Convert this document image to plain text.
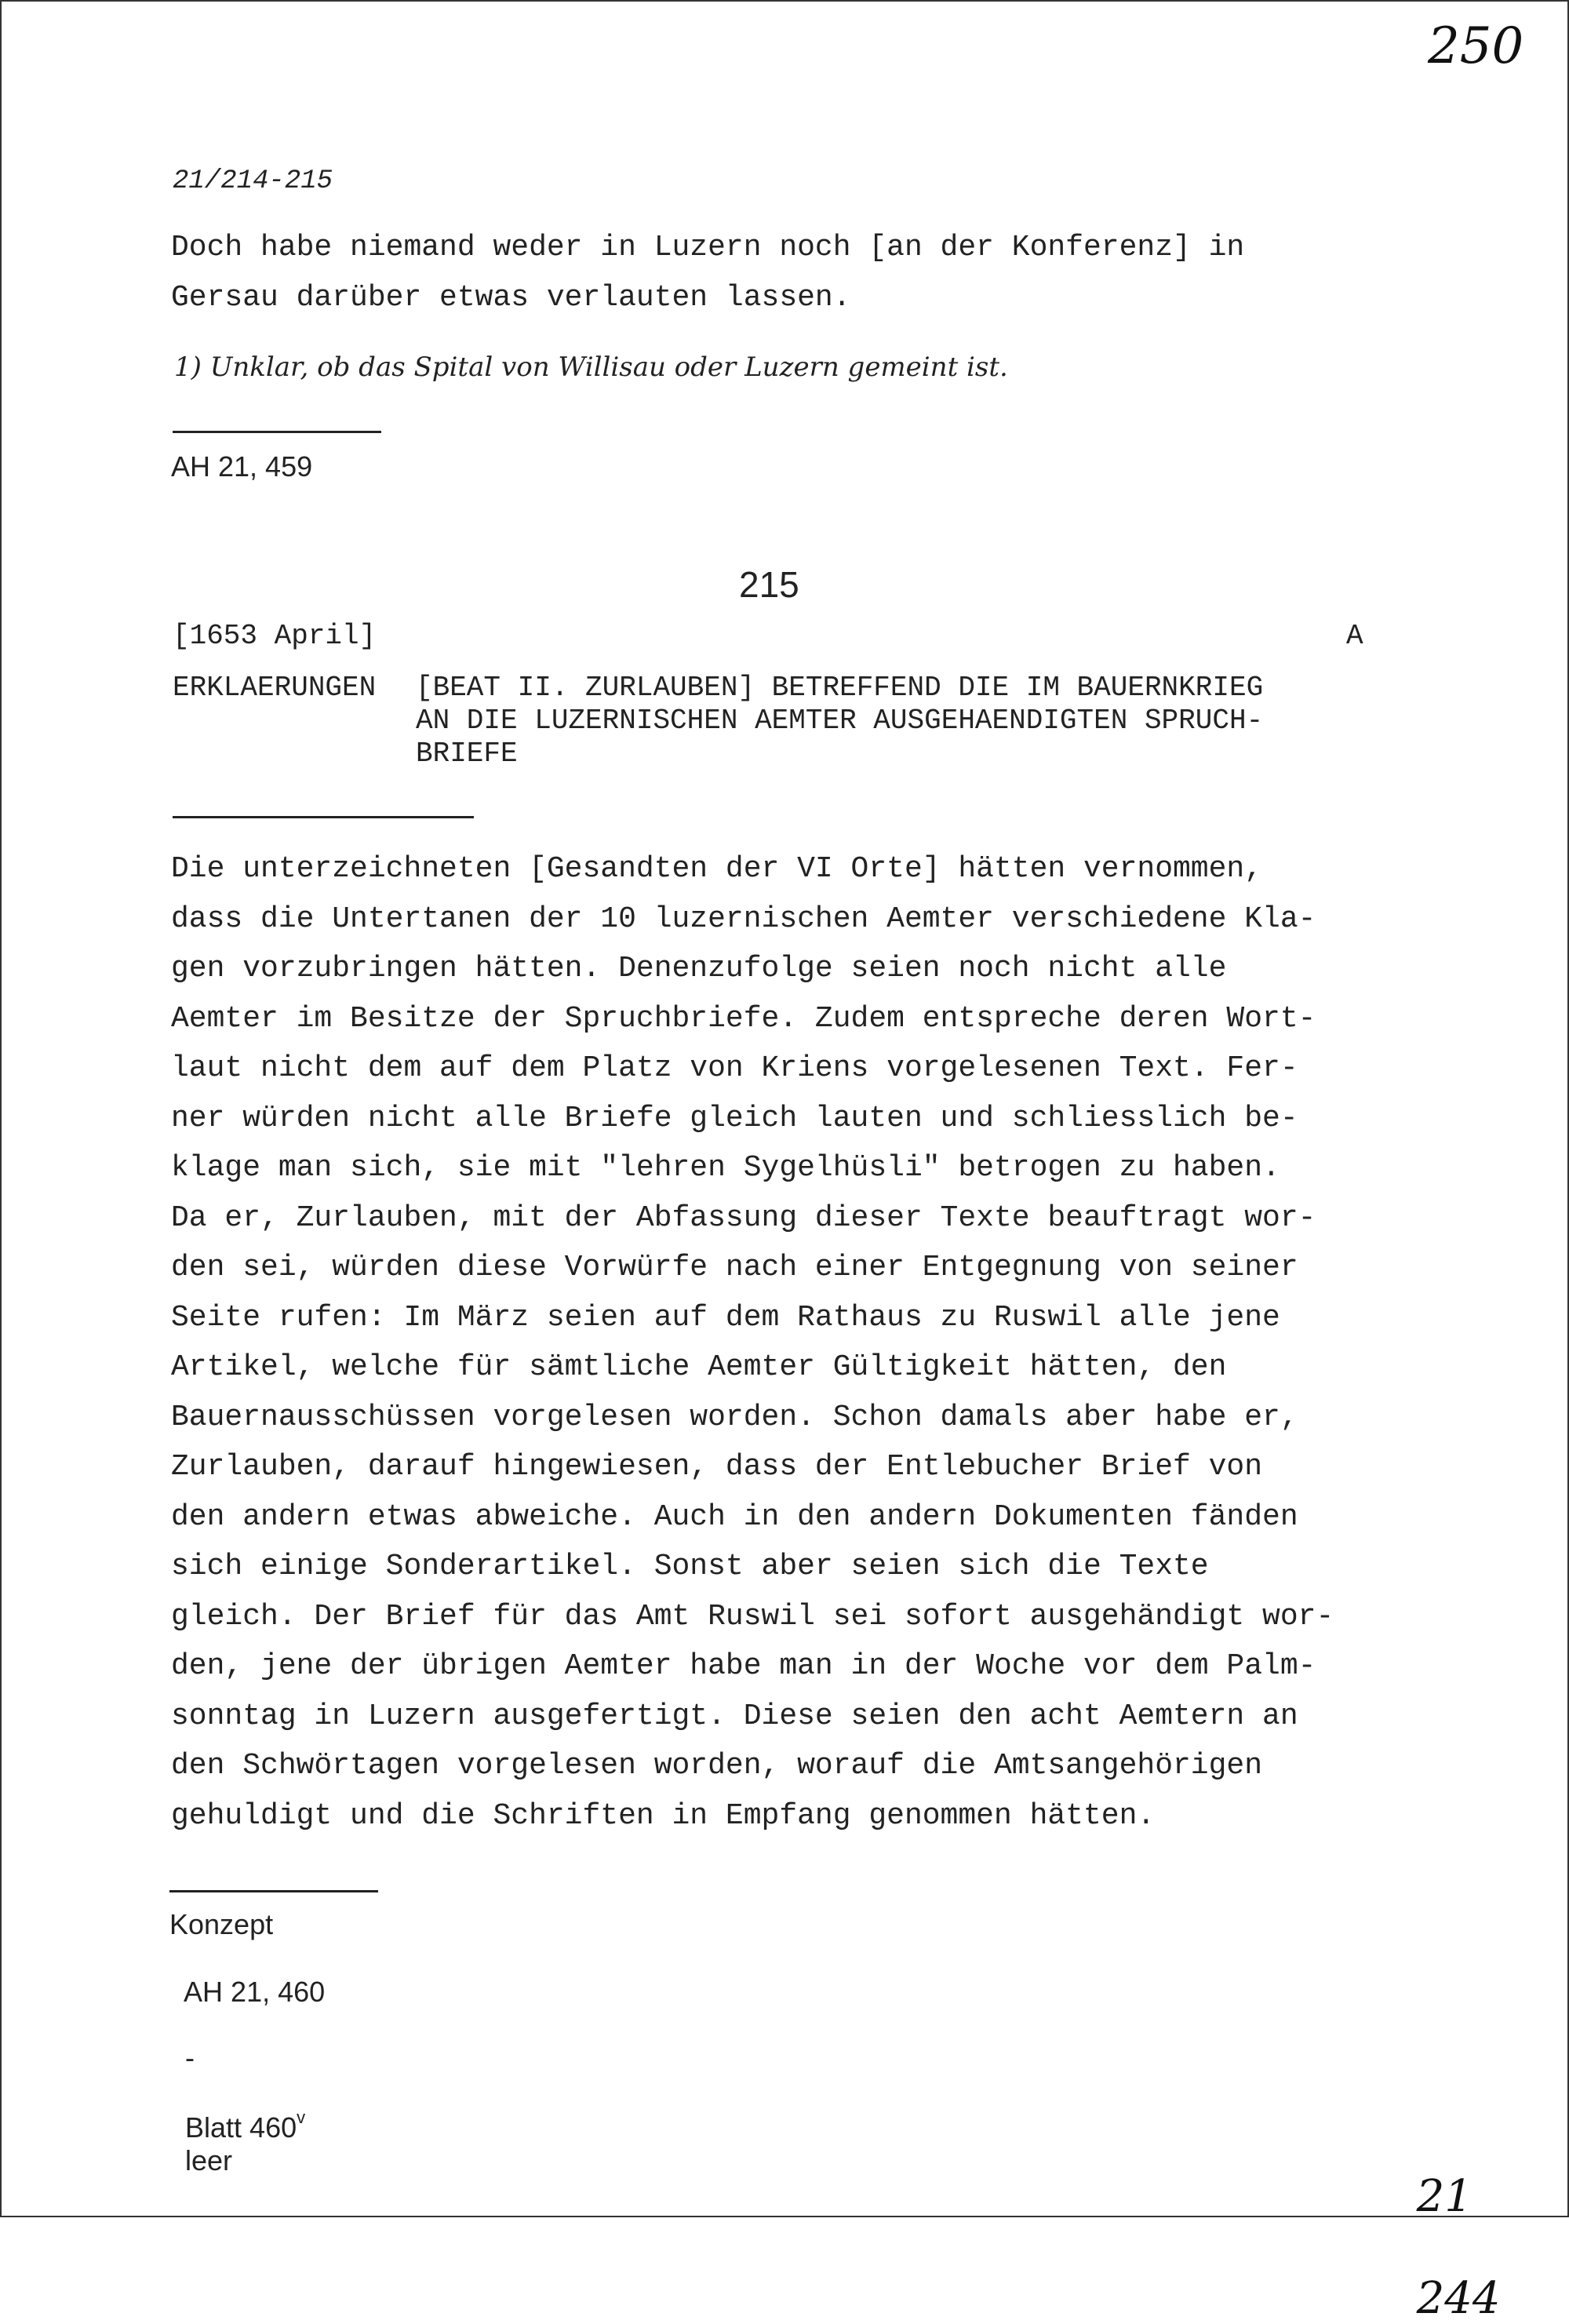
250
21/214-215
Doch habe niemand weder in Luzern noch [an der Konferenz] in
Gersau darüber etwas verlauten lassen.
1) Unklar, ob das Spital von Willisau oder Luzern gemeint ist.
AH 21, 459
215
[1653 April]	A
ERKLAERUNGEN [BEAT II. ZURLAUBEN] BETREFFEND DIE IM BAUERNKRIEG
AN DIE LUZERNISCHEN AEMTER AUSGEHAENDIGTEN SPRUCH-
BRIEFE
Die unterzeichneten [Gesandten der VI Orte] hätten vernommen,
dass die Untertanen der 10 luzernischen Aemter verschiedene Kla-
gen vorzubringen hätten. Denenzufolge seien noch nicht alle
Aemter im Besitze der Spruchbriefe. Zudem entspreche deren Wort-
laut nicht dem auf dem Platz von Kriens vorgelesenen Text. Fer-
ner würden nicht alle Briefe gleich lauten und schliesslich be-
klage man sich, sie mit "lehren Sygelhüsli" betrogen zu haben.
Da er, Zurlauben, mit der Abfassung dieser Texte beauftragt wor-
den sei, würden diese Vorwürfe nach einer Entgegnung von seiner
Seite rufen: Im März seien auf dem Rathaus zu Ruswil alle jene
Artikel, welche für sämtliche Aemter Gültigkeit hätten, den
Bauernausschüssen vorgelesen worden. Schon damals aber habe er,
Zurlauben, darauf hingewiesen, dass der Entlebucher Brief von
den andern etwas abweiche. Auch in den andern Dokumenten fänden
sich einige Sonderartikel. Sonst aber seien sich die Texte
gleich. Der Brief für das Amt Ruswil sei sofort ausgehändigt wor-
den, jene der übrigen Aemter habe man in der Woche vor dem Palm-
sonntag in Luzern ausgefertigt. Diese seien den acht Aemtern an
den Schwörtagen vorgelesen worden, worauf die Amtsangehörigen
gehuldigt und die Schriften in Empfang genommen hätten.
Konzept

AH 21, 460

-

Blatt 460$^v$
leer

21

244
